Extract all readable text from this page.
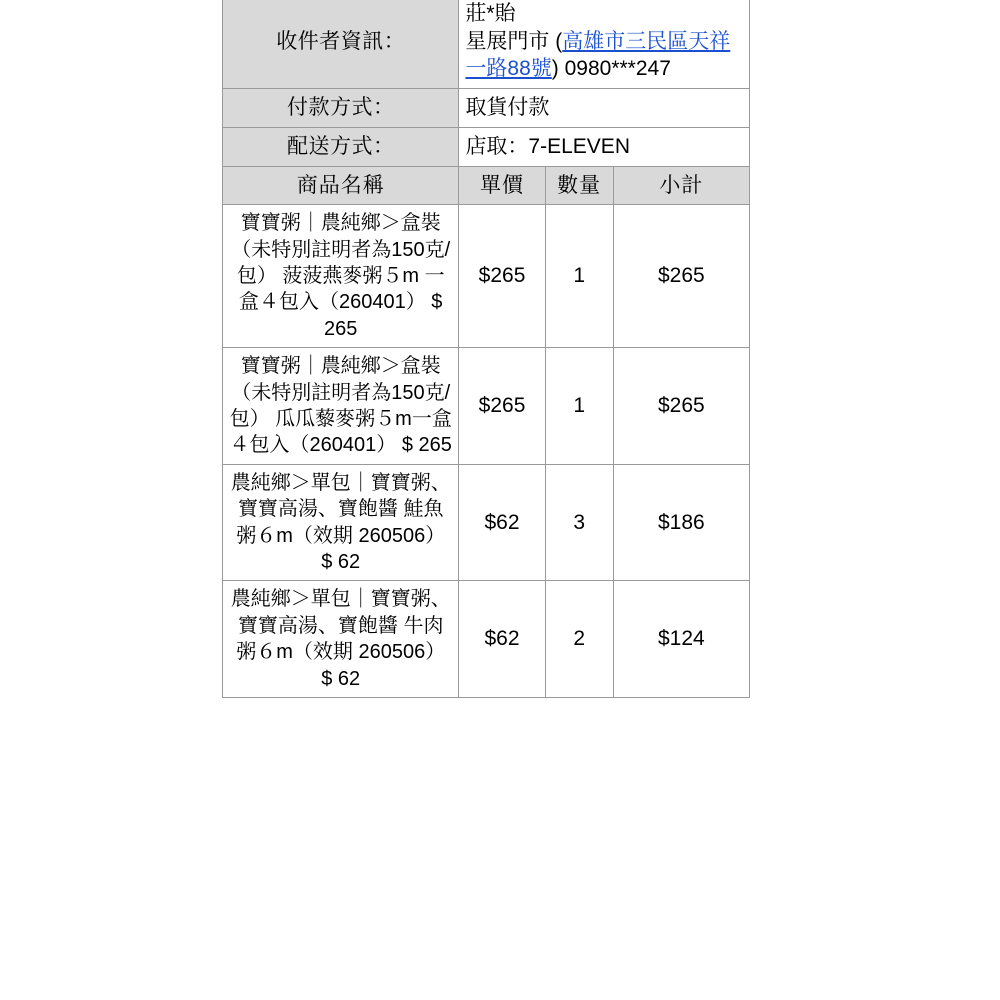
收件者資訊：	莊*貽
星展門市 (高雄市三民區天祥一路88號) 0980***247		
付款方式：	取貨付款		
配送方式：	店取：7-ELEVEN		
商品名稱	單價	數量	小計
寶寶粥｜農純鄉＞盒裝（未特別註明者為150克/包） 菠菠燕麥粥５m 一盒４包入（260401） $ 265	$265	1	$265
寶寶粥｜農純鄉＞盒裝（未特別註明者為150克/包） 瓜瓜藜麥粥５m一盒４包入（260401） $ 265	$265	1	$265
農純鄉＞單包｜寶寶粥、寶寶高湯、寶飽醬 鮭魚粥６m（效期 260506） $ 62	$62	3	$186
農純鄉＞單包｜寶寶粥、寶寶高湯、寶飽醬 牛肉粥６m（效期 260506） $ 62	$62	2	$124
